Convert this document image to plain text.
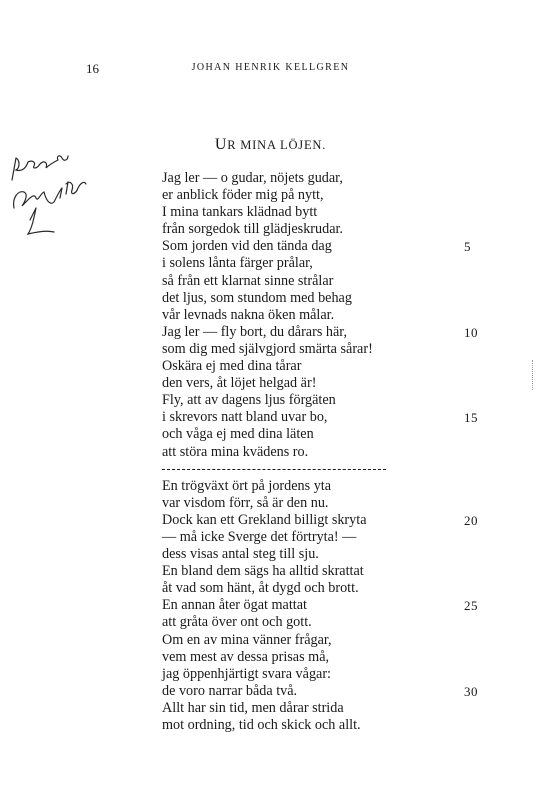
16	JOHAN HENRIK KELLGREN
UR MINA LÖJEN.
Jag ler — o gudar, nöjets gudar,
er anblick föder mig på nytt,
I mina tankars klädnad bytt
från sorgedok till glädjeskrudar.
Som jorden vid den tända dag	5
i solens lånta färger prålar,
så från ett klarnat sinne strålar
det ljus, som stundom med behag
vår levnads nakna öken målar.
Jag ler — fly bort, du dårars här,	10
som dig med självgjord smärta sårar!
Oskära ej med dina tårar
den vers, åt löjet helgad är!
Fly, att av dagens ljus förgäten
i skrevors natt bland uvar bo,	15
och våga ej med dina läten
att störa mina kvädens ro.
En trögväxt ört på jordens yta
var visdom förr, så är den nu.
Dock kan ett Grekland billigt skryta	20
— må icke Sverge det förtryta! —
dess visas antal steg till sju.
En bland dem sägs ha alltid skrattat
åt vad som hänt, åt dygd och brott.
En annan åter ögat mattat	25
att gråta över ont och gott.
Om en av mina vänner frågar,
vem mest av dessa prisas må,
jag öppenhjärtigt svara vågar:
de voro narrar båda två.	30
Allt har sin tid, men dårar strida
mot ordning, tid och skick och allt.
